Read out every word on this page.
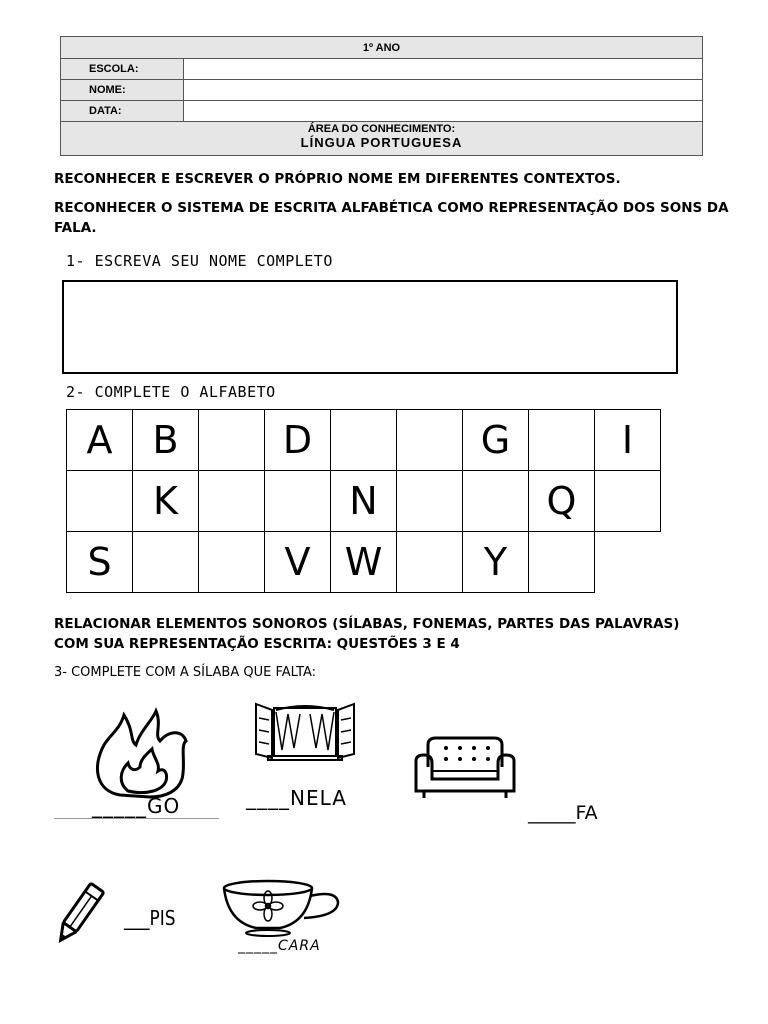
1º ANO
ESCOLA:
NOME:
DATA:
ÁREA DO CONHECIMENTO:
LÍNGUA PORTUGUESA
RECONHECER E ESCREVER O PRÓPRIO NOME EM DIFERENTES CONTEXTOS.
RECONHECER O SISTEMA DE ESCRITA ALFABÉTICA COMO REPRESENTAÇÃO DOS SONS DA FALA.
1- ESCREVA SEU NOME COMPLETO
2- COMPLETE O ALFABETO
A	B		D			G		I
	K			N			Q	
S			V	W		Y		
RELACIONAR ELEMENTOS SONOROS (SÍLABAS, FONEMAS, PARTES DAS PALAVRAS) COM SUA REPRESENTAÇÃO ESCRITA: QUESTÕES 3 E 4
3- COMPLETE COM A SÍLABA QUE FALTA:
_____GO	____NELA
_____FA
___PIS
_____CARA
